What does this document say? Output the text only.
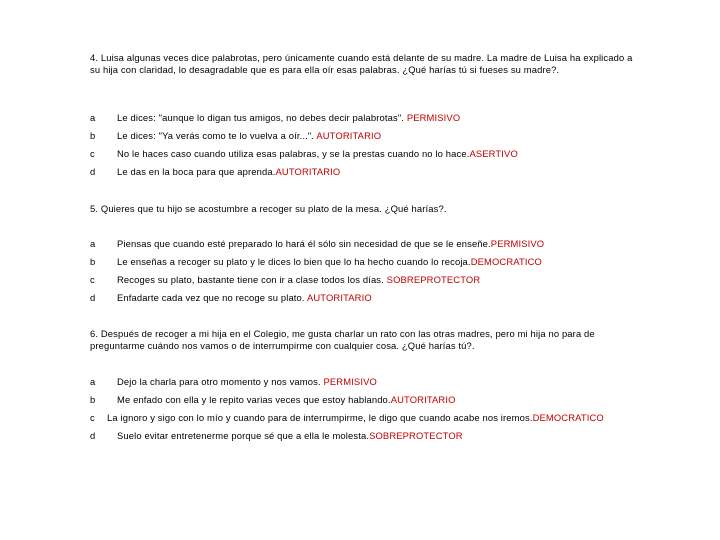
4. Luisa algunas veces dice palabrotas, pero únicamente cuando está delante de su madre. La madre de Luisa ha explicado a su hija con claridad, lo desagradable que es para ella oír esas palabras. ¿Qué harías tú si fueses su madre?.
a Le dices: "aunque lo digan tus amigos, no debes decir palabrotas". PERMISIVO
b Le dices: "Ya verás como te lo vuelva a oír...". AUTORITARIO
c No le haces caso cuando utiliza esas palabras, y se la prestas cuando no lo hace.ASERTIVO
d Le das en la boca para que aprenda.AUTORITARIO
5. Quieres que tu hijo se acostumbre a recoger su plato de la mesa. ¿Qué harías?.
a Piensas que cuando esté preparado lo hará él sólo sin necesidad de que se le enseñe.PERMISIVO
b Le enseñas a recoger su plato y le dices lo bien que lo ha hecho cuando lo recoja.DEMOCRATICO
c Recoges su plato, bastante tiene con ir a clase todos los días. SOBREPROTECTOR
d Enfadarte cada vez que no recoge su plato. AUTORITARIO
6. Después de recoger a mi hija en el Colegio, me gusta charlar un rato con las otras madres, pero mi hija no para de preguntarme cuándo nos vamos o de interrumpirme con cualquier cosa. ¿Qué harías tú?.
a Dejo la charla para otro momento y nos vamos. PERMISIVO
b Me enfado con ella y le repito varias veces que estoy hablando.AUTORITARIO
c La ignoro y sigo con lo mío y cuando para de interrumpirme, le digo que cuando acabe nos iremos.DEMOCRATICO
d Suelo evitar entretenerme porque sé que a ella le molesta.SOBREPROTECTOR
